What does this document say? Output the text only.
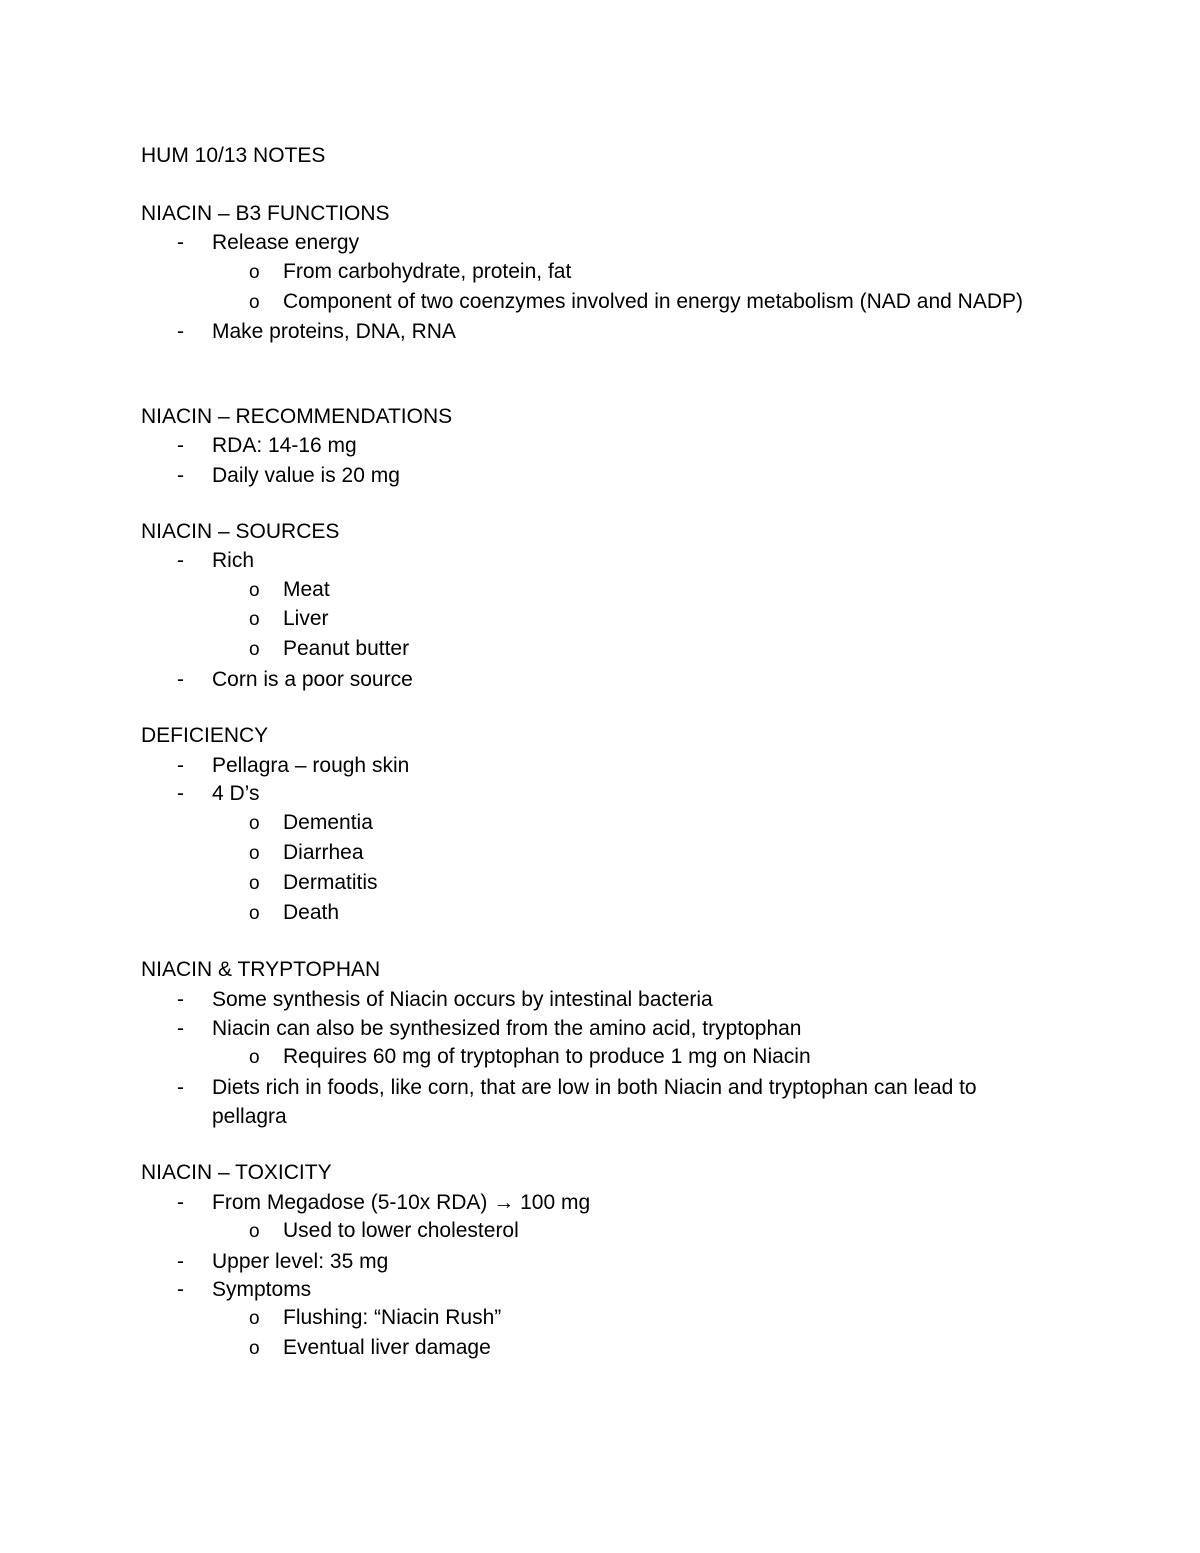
HUM 10/13 NOTES
NIACIN – B3 FUNCTIONS
- Release energy
o From carbohydrate, protein, fat
o Component of two coenzymes involved in energy metabolism (NAD and NADP)
- Make proteins, DNA, RNA
NIACIN – RECOMMENDATIONS
- RDA: 14-16 mg
- Daily value is 20 mg
NIACIN – SOURCES
- Rich
o Meat
o Liver
o Peanut butter
- Corn is a poor source
DEFICIENCY
- Pellagra – rough skin
- 4 D’s
o Dementia
o Diarrhea
o Dermatitis
o Death
NIACIN & TRYPTOPHAN
- Some synthesis of Niacin occurs by intestinal bacteria
- Niacin can also be synthesized from the amino acid, tryptophan
o Requires 60 mg of tryptophan to produce 1 mg on Niacin
- Diets rich in foods, like corn, that are low in both Niacin and tryptophan can lead to
pellagra
NIACIN – TOXICITY
- From Megadose (5-10x RDA) → 100 mg
o Used to lower cholesterol
- Upper level: 35 mg
- Symptoms
o Flushing: “Niacin Rush”
o Eventual liver damage
